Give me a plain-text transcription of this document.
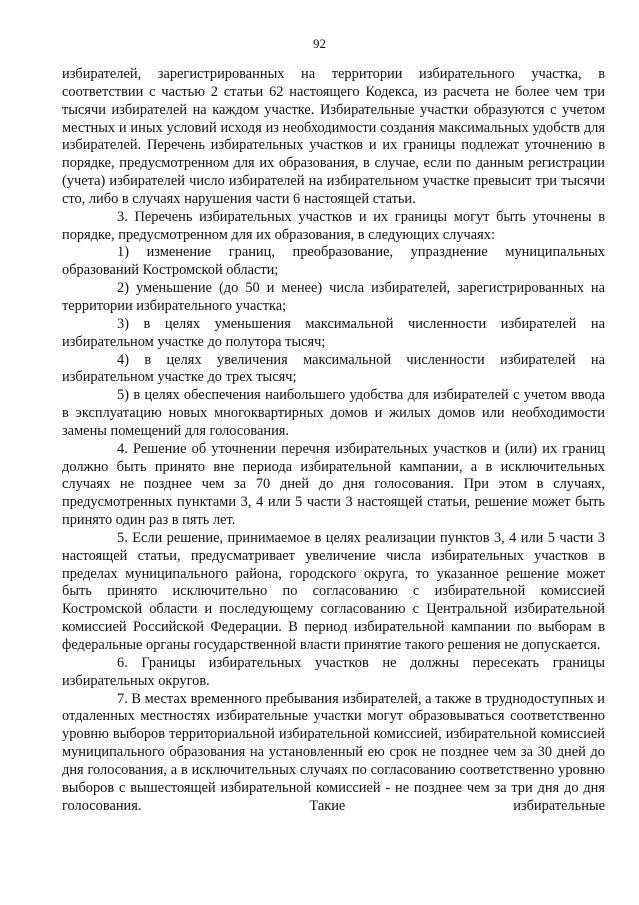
92

избирателей, зарегистрированных на территории избирательного участка, в соответствии с частью 2 статьи 62 настоящего Кодекса, из расчета не более чем три тысячи избирателей на каждом участке. Избирательные участки образуются с учетом местных и иных условий исходя из необходимости создания максимальных удобств для избирателей. Перечень избирательных участков и их границы подлежат уточнению в порядке, предусмотренном для их образования, в случае, если по данным регистрации (учета) избирателей число избирателей на избирательном участке превысит три тысячи сто, либо в случаях нарушения части 6 настоящей статьи.

3. Перечень избирательных участков и их границы могут быть уточнены в порядке, предусмотренном для их образования, в следующих случаях:

1) изменение границ, преобразование, упразднение муниципальных образований Костромской области;

2) уменьшение (до 50 и менее) числа избирателей, зарегистрированных на территории избирательного участка;

3) в целях уменьшения максимальной численности избирателей на избирательном участке до полутора тысяч;

4) в целях увеличения максимальной численности избирателей на избирательном участке до трех тысяч;

5) в целях обеспечения наибольшего удобства для избирателей с учетом ввода в эксплуатацию новых многоквартирных домов и жилых домов или необходимости замены помещений для голосования.

4. Решение об уточнении перечня избирательных участков и (или) их границ должно быть принято вне периода избирательной кампании, а в исключительных случаях не позднее чем за 70 дней до дня голосования. При этом в случаях, предусмотренных пунктами 3, 4 или 5 части 3 настоящей статьи, решение может быть принято один раз в пять лет.

5. Если решение, принимаемое в целях реализации пунктов 3, 4 или 5 части 3 настоящей статьи, предусматривает увеличение числа избирательных участков в пределах муниципального района, городского округа, то указанное решение может быть принято исключительно по согласованию с избирательной комиссией Костромской области и последующему согласованию с Центральной избирательной комиссией Российской Федерации. В период избирательной кампании по выборам в федеральные органы государственной власти принятие такого решения не допускается.

6. Границы избирательных участков не должны пересекать границы избирательных округов.

7. В местах временного пребывания избирателей, а также в труднодоступных и отдаленных местностях избирательные участки могут образовываться соответственно уровню выборов территориальной избирательной комиссией, избирательной комиссией муниципального образования на установленный ею срок не позднее чем за 30 дней до дня голосования, а в исключительных случаях по согласованию соответственно уровню выборов с вышестоящей избирательной комиссией - не позднее чем за три дня до дня голосования. Такие избирательные
